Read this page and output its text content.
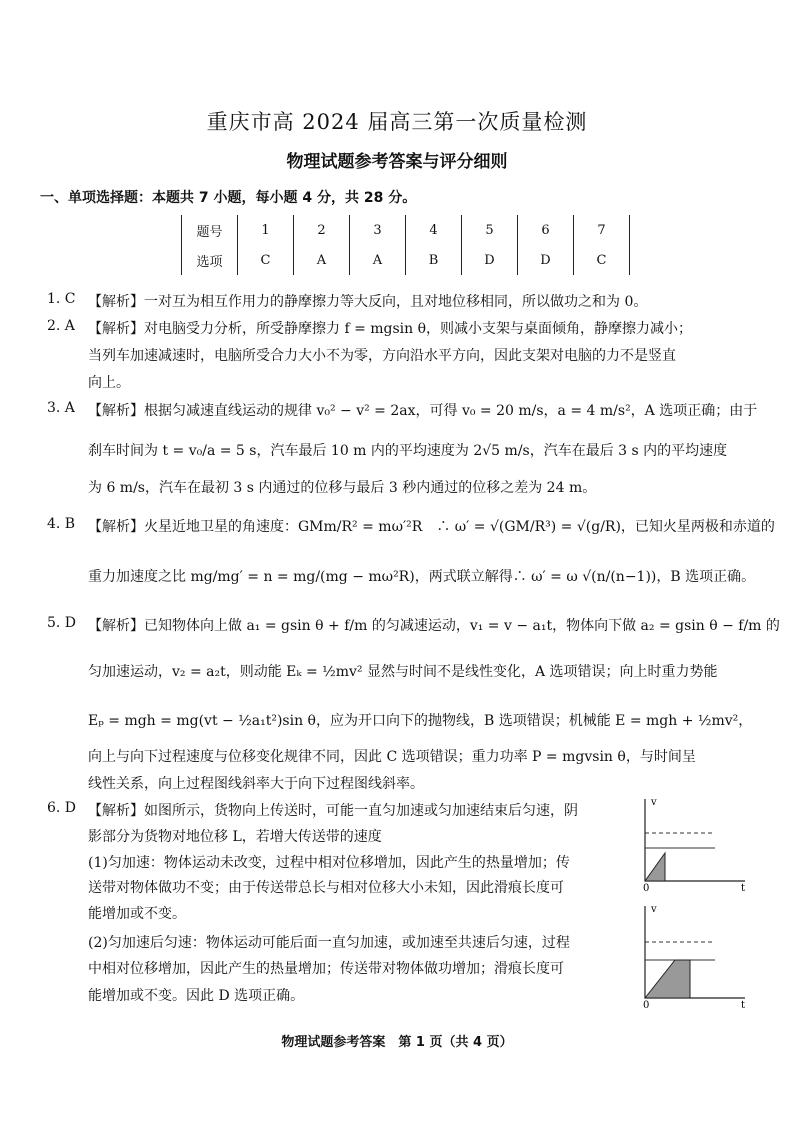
重庆市高 2024 届高三第一次质量检测
物理试题参考答案与评分细则
一、单项选择题：本题共 7 小题，每小题 4 分，共 28 分。
题号	1	2	3	4	5	6	7
选项	C	A	A	B	D	D	C
1. C 【解析】一对互为相互作用力的静摩擦力等大反向，且对地位移相同，所以做功之和为 0。
2. A 【解析】对电脑受力分析，所受静摩擦力 f = mgsin θ，则减小支架与桌面倾角，静摩擦力减小；
当列车加速减速时，电脑所受合力大小不为零，方向沿水平方向，因此支架对电脑的力不是竖直
向上。
3. A 【解析】根据匀减速直线运动的规律 v₀² − v² = 2ax，可得 v₀ = 20 m/s，a = 4 m/s²，A 选项正确；由于
刹车时间为 t = v₀/a = 5 s，汽车最后 10 m 内的平均速度为 2√5 m/s，汽车在最后 3 s 内的平均速度
为 6 m/s，汽车在最初 3 s 内通过的位移与最后 3 秒内通过的位移之差为 24 m。
4. B 【解析】火星近地卫星的角速度：GMm/R² = mω′²R　∴ ω′ = √(GM/R³) = √(g/R)，已知火星两极和赤道的
重力加速度之比 mg/mg′ = n = mg/(mg − mω²R)，两式联立解得∴ ω′ = ω √(n/(n−1))，B 选项正确。
5. D 【解析】已知物体向上做 a₁ = gsin θ + f/m 的匀减速运动，v₁ = v − a₁t，物体向下做 a₂ = gsin θ − f/m 的
匀加速运动，v₂ = a₂t，则动能 Eₖ = ½mv² 显然与时间不是线性变化，A 选项错误；向上时重力势能
Eₚ = mgh = mg(vt − ½a₁t²)sin θ，应为开口向下的抛物线，B 选项错误；机械能 E = mgh + ½mv²，
向上与向下过程速度与位移变化规律不同，因此 C 选项错误；重力功率 P = mgvsin θ，与时间呈
线性关系，向上过程图线斜率大于向下过程图线斜率。
6. D 【解析】如图所示，货物向上传送时，可能一直匀加速或匀加速结束后匀速，阴
影部分为货物对地位移 L，若增大传送带的速度
(1)匀加速：物体运动未改变，过程中相对位移增加，因此产生的热量增加；传
送带对物体做功不变；由于传送带总长与相对位移大小未知，因此滑痕长度可
能增加或不变。
(2)匀加速后匀速：物体运动可能后面一直匀加速，或加速至共速后匀速，过程
中相对位移增加，因此产生的热量增加；传送带对物体做功增加；滑痕长度可
能增加或不变。因此 D 选项正确。
v
t
0
v
t
0
物理试题参考答案　第 1 页（共 4 页）
